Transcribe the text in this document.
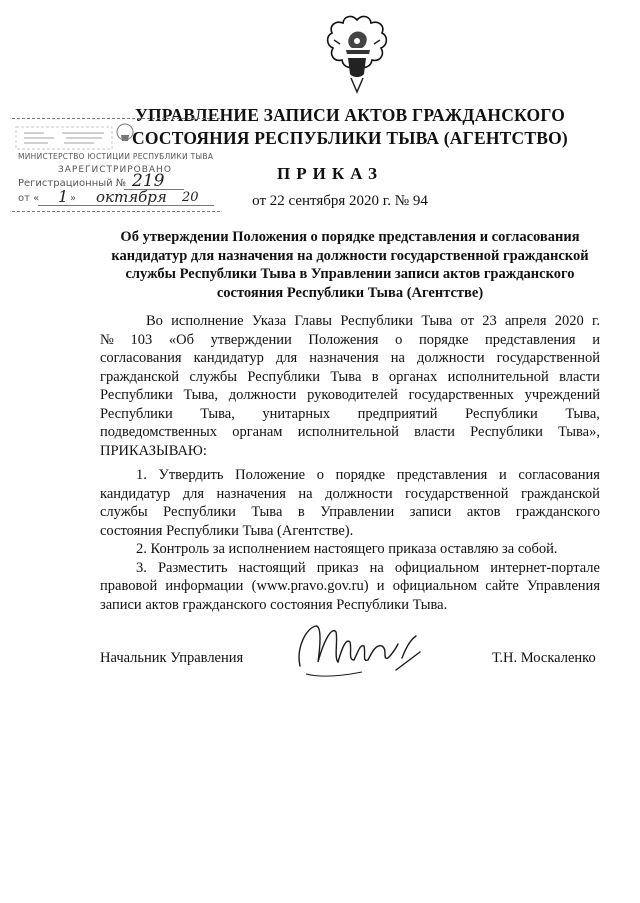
УПРАВЛЕНИЕ ЗАПИСИ АКТОВ ГРАЖДАНСКОГО
СОСТОЯНИЯ РЕСПУБЛИКИ ТЫВА (АГЕНТСТВО)
МИНИСТЕРСТВО ЮСТИЦИИ РЕСПУБЛИКИ ТЫВА
ЗАРЕГИСТРИРОВАНО
Регистрационный № 219
от «	»
1 октября 20
ПРИКАЗ
от 22 сентября 2020 г. № 94
Об утверждении Положения о порядке представления и согласования
кандидатур для назначения на должности государственной гражданской
службы Республики Тыва в Управлении записи актов гражданского
состояния Республики Тыва (Агентстве)
Во исполнение Указа Главы Республики Тыва от 23 апреля 2020 г.
№ 103 «Об утверждении Положения о порядке представления и
согласования кандидатур для назначения на должности государственной
гражданской службы Республики Тыва в органах исполнительной власти
Республики Тыва, должности руководителей государственных учреждений
Республики Тыва, унитарных предприятий Республики Тыва,
подведомственных органам исполнительной власти Республики Тыва»,
ПРИКАЗЫВАЮ:
1. Утвердить Положение о порядке представления и согласования
кандидатур для назначения на должности государственной гражданской
службы Республики Тыва в Управлении записи актов гражданского
состояния Республики Тыва (Агентстве).
2. Контроль за исполнением настоящего приказа оставляю за собой.
3. Разместить настоящий приказ на официальном интернет-портале
правовой информации (www.pravo.gov.ru) и официальном сайте Управления
записи актов гражданского состояния Республики Тыва.
Начальник Управления	Т.Н. Москаленко
